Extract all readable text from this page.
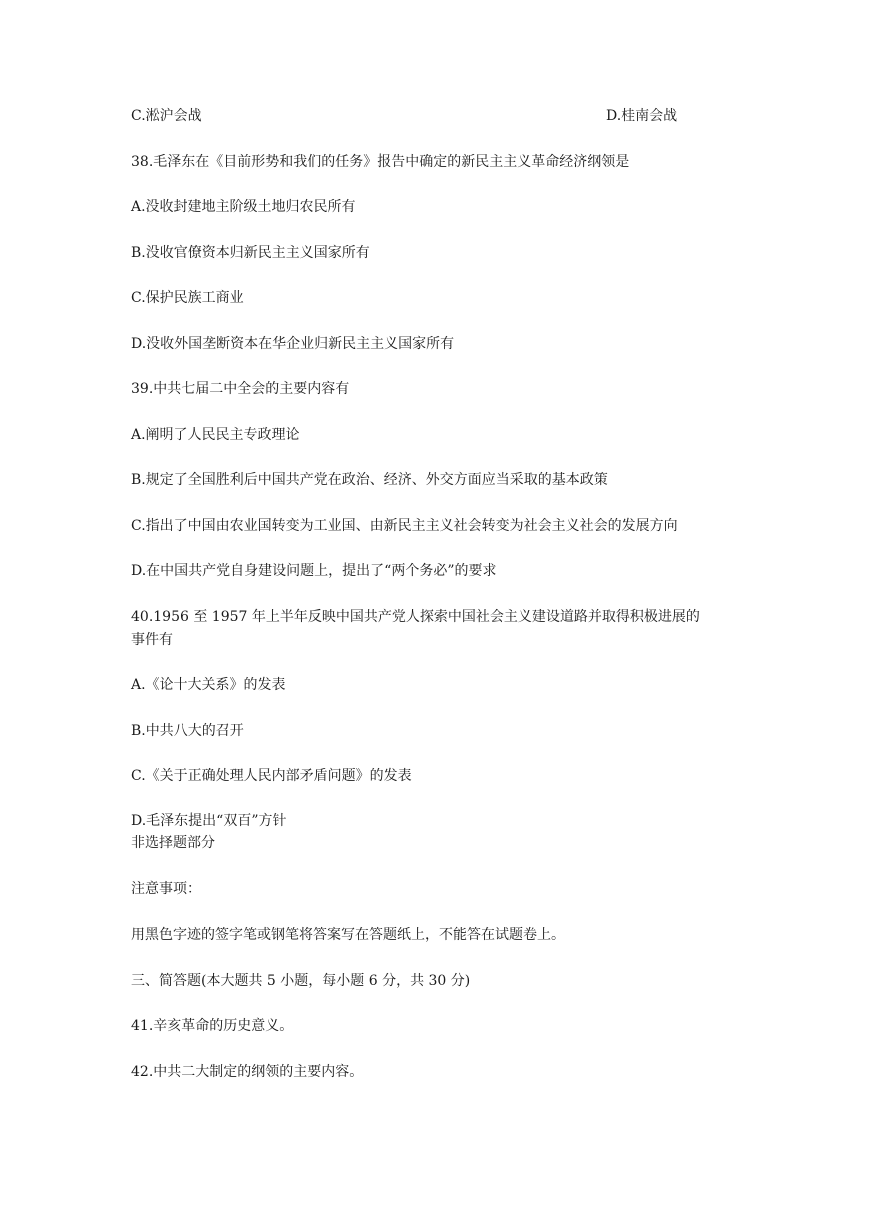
C.淞沪会战	D.桂南会战
38.毛泽东在《目前形势和我们的任务》报告中确定的新民主主义革命经济纲领是
A.没收封建地主阶级土地归农民所有
B.没收官僚资本归新民主主义国家所有
C.保护民族工商业
D.没收外国垄断资本在华企业归新民主主义国家所有
39.中共七届二中全会的主要内容有
A.阐明了人民民主专政理论
B.规定了全国胜利后中国共产党在政治、经济、外交方面应当采取的基本政策
C.指出了中国由农业国转变为工业国、由新民主主义社会转变为社会主义社会的发展方向
D.在中国共产党自身建设问题上，提出了“两个务必”的要求
40.1956 至 1957 年上半年反映中国共产党人探索中国社会主义建设道路并取得积极进展的
事件有
A.《论十大关系》的发表
B.中共八大的召开
C.《关于正确处理人民内部矛盾问题》的发表
D.毛泽东提出“双百”方针
非选择题部分
注意事项：
用黑色字迹的签字笔或钢笔将答案写在答题纸上，不能答在试题卷上。
三、简答题(本大题共 5 小题，每小题 6 分，共 30 分)
41.辛亥革命的历史意义。
42.中共二大制定的纲领的主要内容。
